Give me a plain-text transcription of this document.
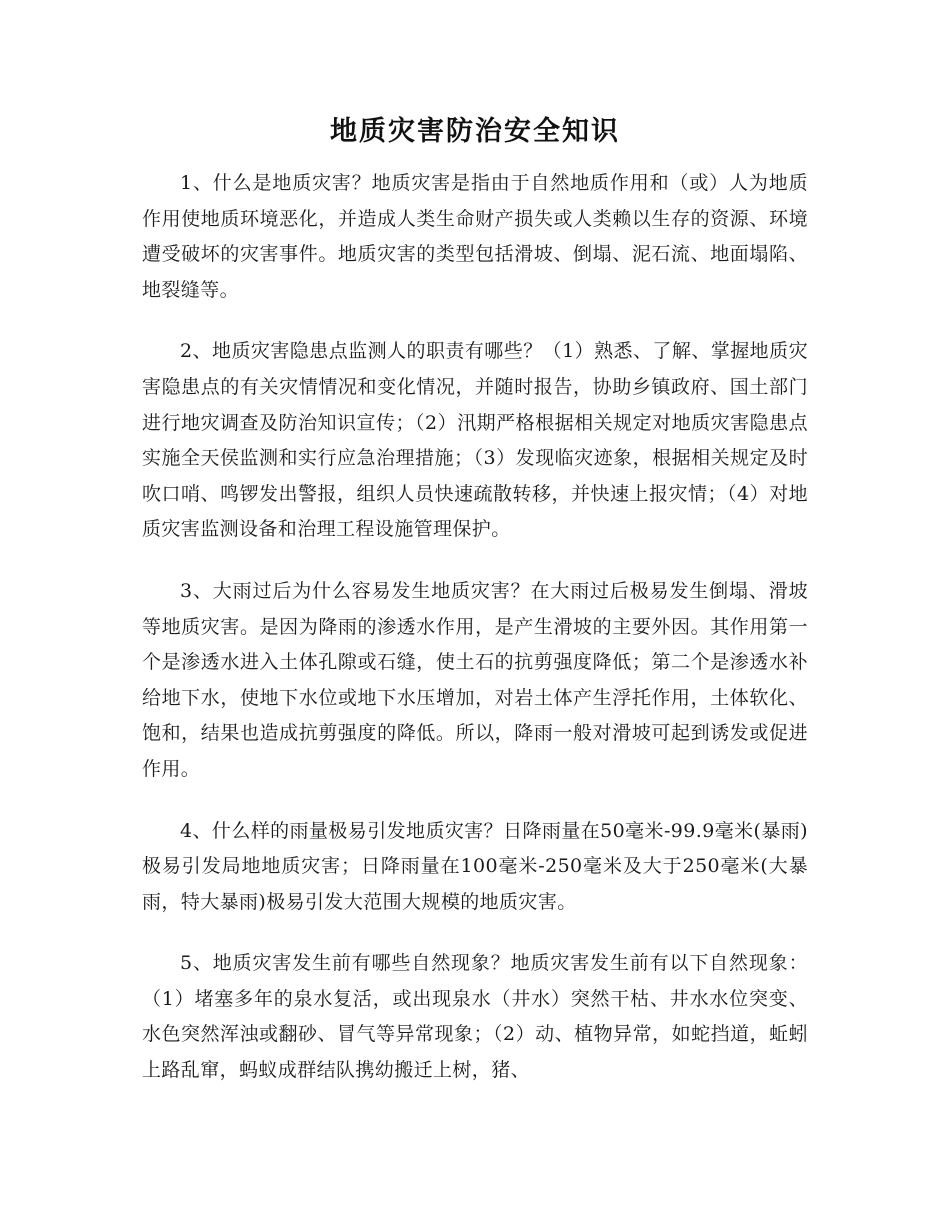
地质灾害防治安全知识

1、什么是地质灾害？地质灾害是指由于自然地质作用和（或）人为地质作用使地质环境恶化，并造成人类生命财产损失或人类赖以生存的资源、环境遭受破坏的灾害事件。地质灾害的类型包括滑坡、倒塌、泥石流、地面塌陷、地裂缝等。

2、地质灾害隐患点监测人的职责有哪些？（1）熟悉、了解、掌握地质灾害隐患点的有关灾情情况和变化情况，并随时报告，协助乡镇政府、国土部门进行地灾调查及防治知识宣传；（2）汛期严格根据相关规定对地质灾害隐患点实施全天侯监测和实行应急治理措施；（3）发现临灾迹象，根据相关规定及时吹口哨、鸣锣发出警报，组织人员快速疏散转移，并快速上报灾情；（4）对地质灾害监测设备和治理工程设施管理保护。

3、大雨过后为什么容易发生地质灾害？在大雨过后极易发生倒塌、滑坡等地质灾害。是因为降雨的渗透水作用，是产生滑坡的主要外因。其作用第一个是渗透水进入土体孔隙或石缝，使土石的抗剪强度降低；第二个是渗透水补给地下水，使地下水位或地下水压增加，对岩土体产生浮托作用，土体软化、饱和，结果也造成抗剪强度的降低。所以，降雨一般对滑坡可起到诱发或促进作用。

4、什么样的雨量极易引发地质灾害？日降雨量在50毫米-99.9毫米(暴雨) 极易引发局地地质灾害；日降雨量在100毫米-250毫米及大于250毫米(大暴雨，特大暴雨)极易引发大范围大规模的地质灾害。

5、地质灾害发生前有哪些自然现象？地质灾害发生前有以下自然现象：（1）堵塞多年的泉水复活，或出现泉水（井水）突然干枯、井水水位突变、水色突然浑浊或翻砂、冒气等异常现象；（2）动、植物异常，如蛇挡道，蚯蚓上路乱窜，蚂蚁成群结队携幼搬迁上树，猪、
